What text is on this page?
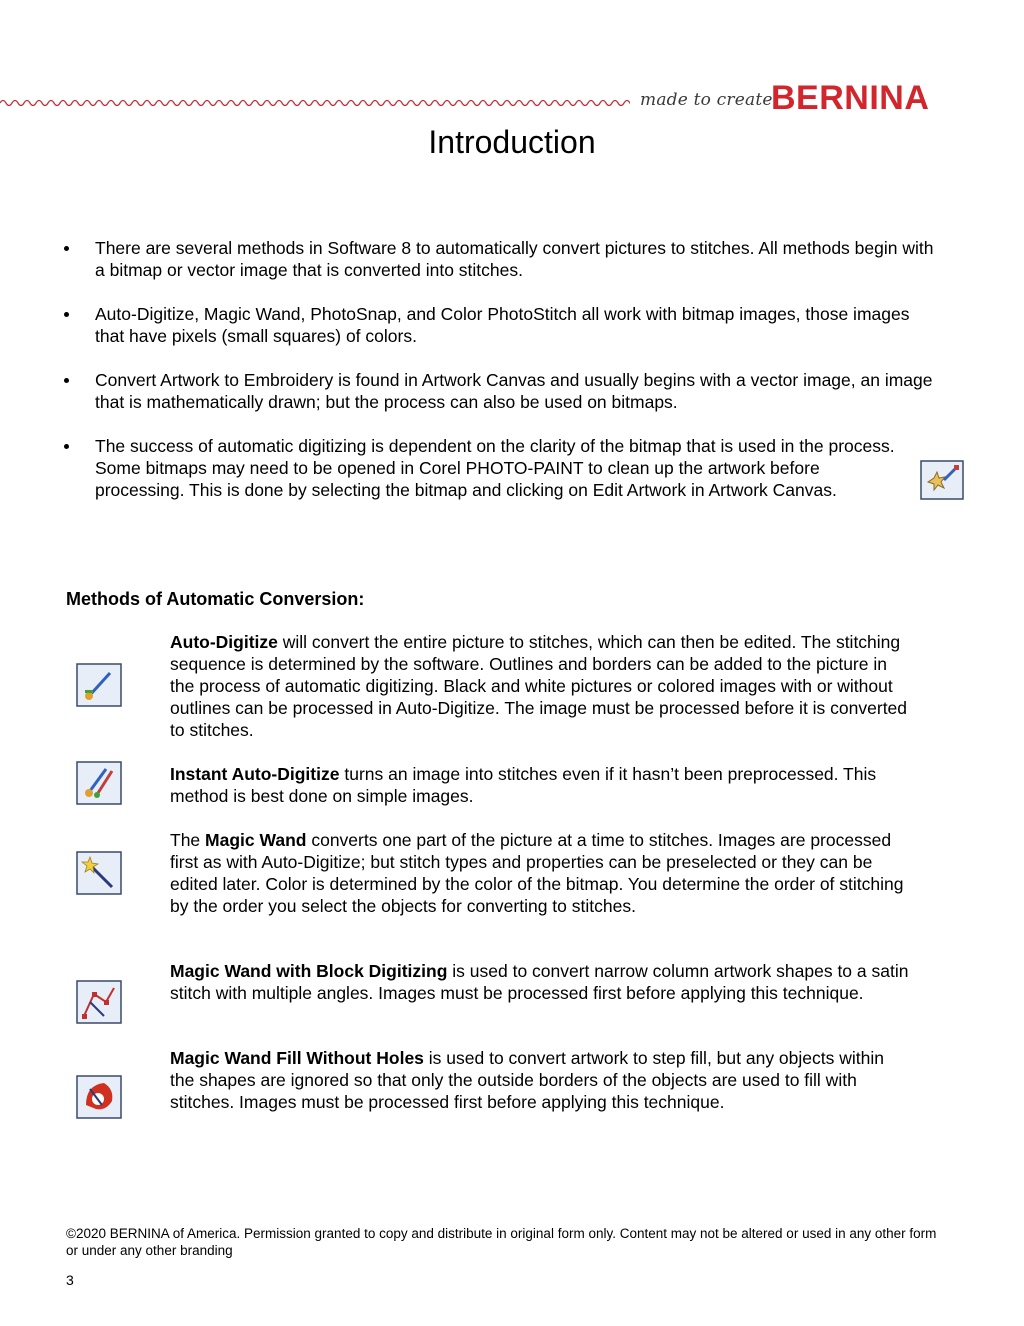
made to create
BERNINA
Introduction
There are several methods in Software 8 to automatically convert pictures to stitches. All methods begin with a bitmap or vector image that is converted into stitches.
Auto-Digitize, Magic Wand, PhotoSnap, and Color PhotoStitch all work with bitmap images, those images that have pixels (small squares) of colors.
Convert Artwork to Embroidery is found in Artwork Canvas and usually begins with a vector image, an image that is mathematically drawn; but the process can also be used on bitmaps.
The success of automatic digitizing is dependent on the clarity of the bitmap that is used in the process. Some bitmaps may need to be opened in Corel PHOTO-PAINT to clean up the artwork before processing. This is done by selecting the bitmap and clicking on Edit Artwork in Artwork Canvas.
Methods of Automatic Conversion:

Auto-Digitize will convert the entire picture to stitches, which can then be edited. The stitching sequence is determined by the software. Outlines and borders can be added to the picture in the process of automatic digitizing. Black and white pictures or colored images with or without outlines can be processed in Auto-Digitize. The image must be processed before it is converted to stitches.

Instant Auto-Digitize turns an image into stitches even if it hasn’t been preprocessed. This method is best done on simple images.

The Magic Wand converts one part of the picture at a time to stitches. Images are processed first as with Auto-Digitize; but stitch types and properties can be preselected or they can be edited later. Color is determined by the color of the bitmap. You determine the order of stitching by the order you select the objects for converting to stitches.

Magic Wand with Block Digitizing is used to convert narrow column artwork shapes to a satin stitch with multiple angles. Images must be processed first before applying this technique.

Magic Wand Fill Without Holes is used to convert artwork to step fill, but any objects within the shapes are ignored so that only the outside borders of the objects are used to fill with stitches. Images must be processed first before applying this technique.

©2020 BERNINA of America. Permission granted to copy and distribute in original form only. Content may not be altered or used in any other form or under any other branding

3
